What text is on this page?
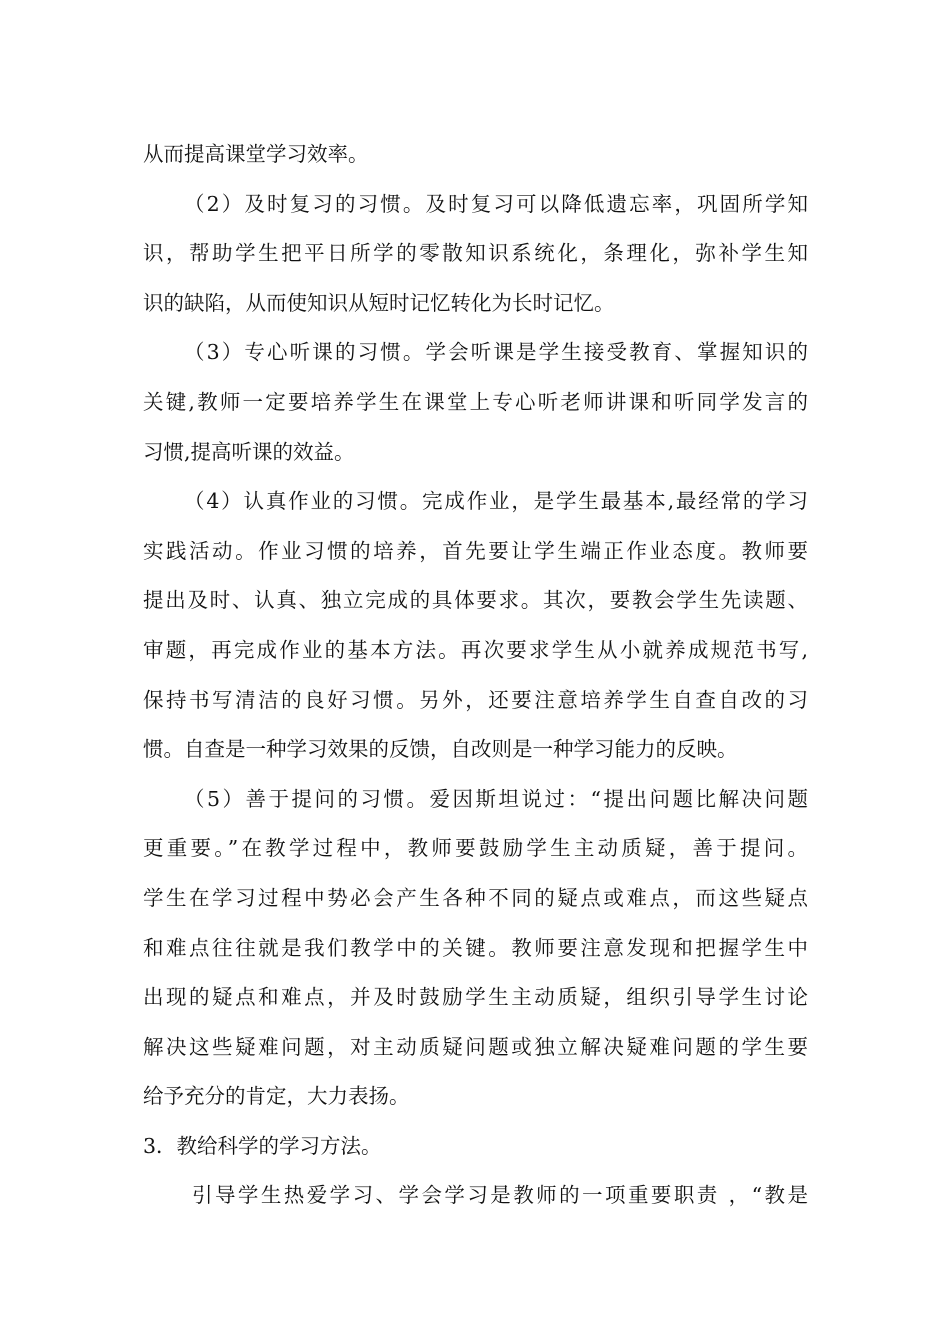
从而提高课堂学习效率。
（2）及时复习的习惯。及时复习可以降低遗忘率，巩固所学知
识，帮助学生把平日所学的零散知识系统化，条理化，弥补学生知
识的缺陷，从而使知识从短时记忆转化为长时记忆。
（3）专心听课的习惯。学会听课是学生接受教育、掌握知识的
关键,教师一定要培养学生在课堂上专心听老师讲课和听同学发言的
习惯,提高听课的效益。
（4）认真作业的习惯。完成作业，是学生最基本,最经常的学习
实践活动。作业习惯的培养，首先要让学生端正作业态度。教师要
提出及时、认真、独立完成的具体要求。其次，要教会学生先读题、
审题，再完成作业的基本方法。再次要求学生从小就养成规范书写,
保持书写清洁的良好习惯。另外，还要注意培养学生自查自改的习
惯。自查是一种学习效果的反馈，自改则是一种学习能力的反映。
（5）善于提问的习惯。爱因斯坦说过：“提出问题比解决问题
更重要。”在教学过程中，教师要鼓励学生主动质疑，善于提问。
学生在学习过程中势必会产生各种不同的疑点或难点，而这些疑点
和难点往往就是我们教学中的关键。教师要注意发现和把握学生中
出现的疑点和难点，并及时鼓励学生主动质疑，组织引导学生讨论
解决这些疑难问题，对主动质疑问题或独立解决疑难问题的学生要
给予充分的肯定，大力表扬。
3．教给科学的学习方法。
引导学生热爱学习、学会学习是教师的一项重要职责 ，“教是
